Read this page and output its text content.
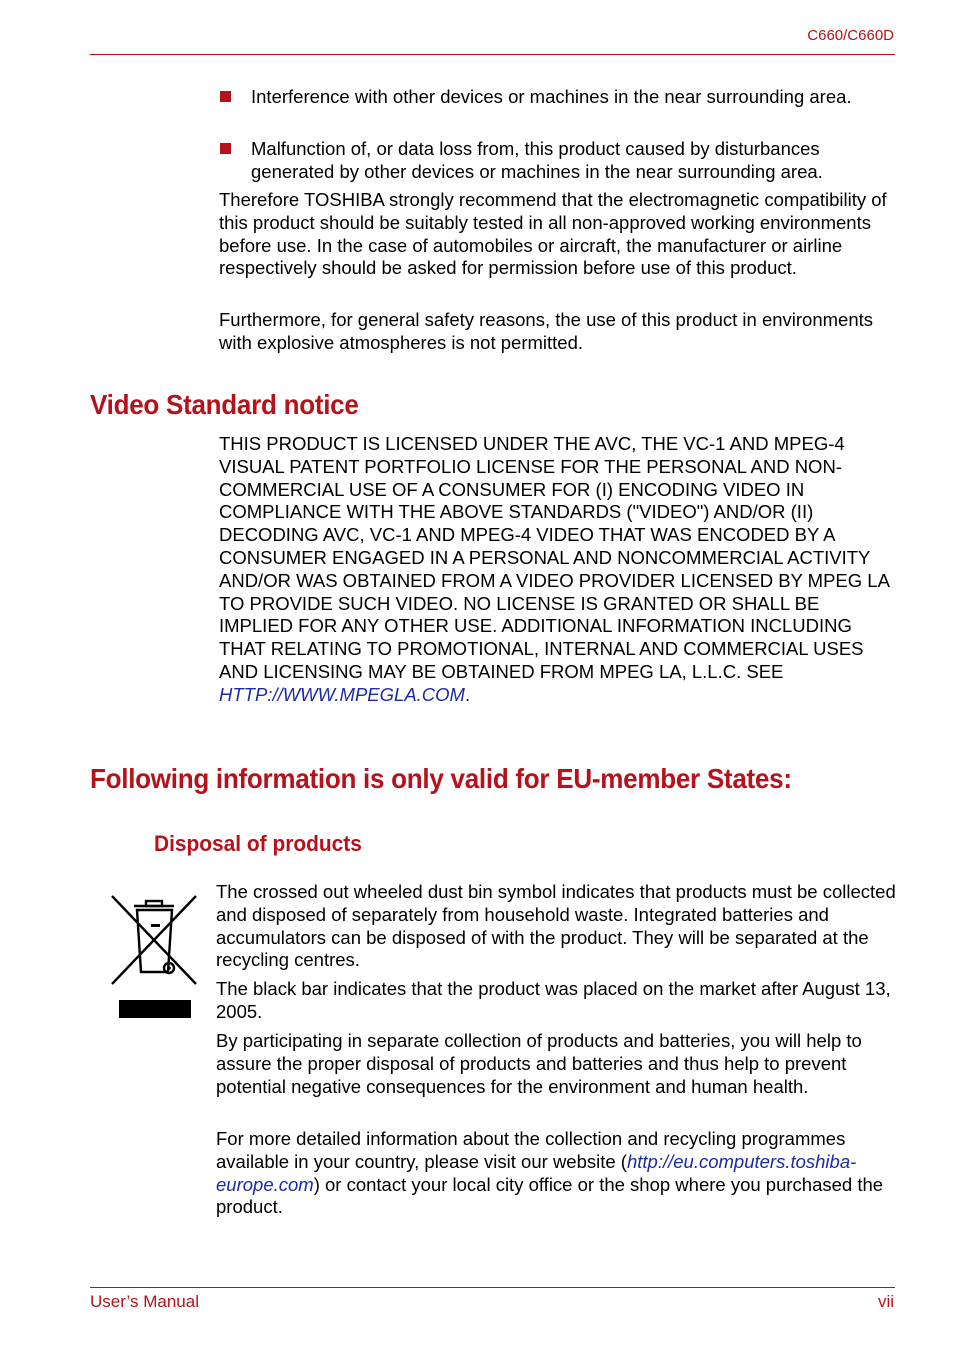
C660/C660D
Interference with other devices or machines in the near surrounding area.
Malfunction of, or data loss from, this product caused by disturbances generated by other devices or machines in the near surrounding area.

Therefore TOSHIBA strongly recommend that the electromagnetic compatibility of this product should be suitably tested in all non-approved working environments before use. In the case of automobiles or aircraft, the manufacturer or airline respectively should be asked for permission before use of this product.

Furthermore, for general safety reasons, the use of this product in environments with explosive atmospheres is not permitted.

Video Standard notice

THIS PRODUCT IS LICENSED UNDER THE AVC, THE VC-1 AND MPEG-4 VISUAL PATENT PORTFOLIO LICENSE FOR THE PERSONAL AND NON-COMMERCIAL USE OF A CONSUMER FOR (I) ENCODING VIDEO IN COMPLIANCE WITH THE ABOVE STANDARDS ("VIDEO") AND/OR (II) DECODING AVC, VC-1 AND MPEG-4 VIDEO THAT WAS ENCODED BY A CONSUMER ENGAGED IN A PERSONAL AND NONCOMMERCIAL ACTIVITY AND/OR WAS OBTAINED FROM A VIDEO PROVIDER LICENSED BY MPEG LA TO PROVIDE SUCH VIDEO. NO LICENSE IS GRANTED OR SHALL BE IMPLIED FOR ANY OTHER USE. ADDITIONAL INFORMATION INCLUDING THAT RELATING TO PROMOTIONAL, INTERNAL AND COMMERCIAL USES AND LICENSING MAY BE OBTAINED FROM MPEG LA, L.L.C. SEE HTTP://WWW.MPEGLA.COM.

Following information is only valid for EU-member States:
Disposal of products

The crossed out wheeled dust bin symbol indicates that products must be collected and disposed of separately from household waste. Integrated batteries and accumulators can be disposed of with the product. They will be separated at the recycling centres.

The black bar indicates that the product was placed on the market after August 13, 2005.

By participating in separate collection of products and batteries, you will help to assure the proper disposal of products and batteries and thus help to prevent potential negative consequences for the environment and human health.

For more detailed information about the collection and recycling programmes available in your country, please visit our website (http://eu.computers.toshiba-europe.com) or contact your local city office or the shop where you purchased the product.

User’s Manual	vii
